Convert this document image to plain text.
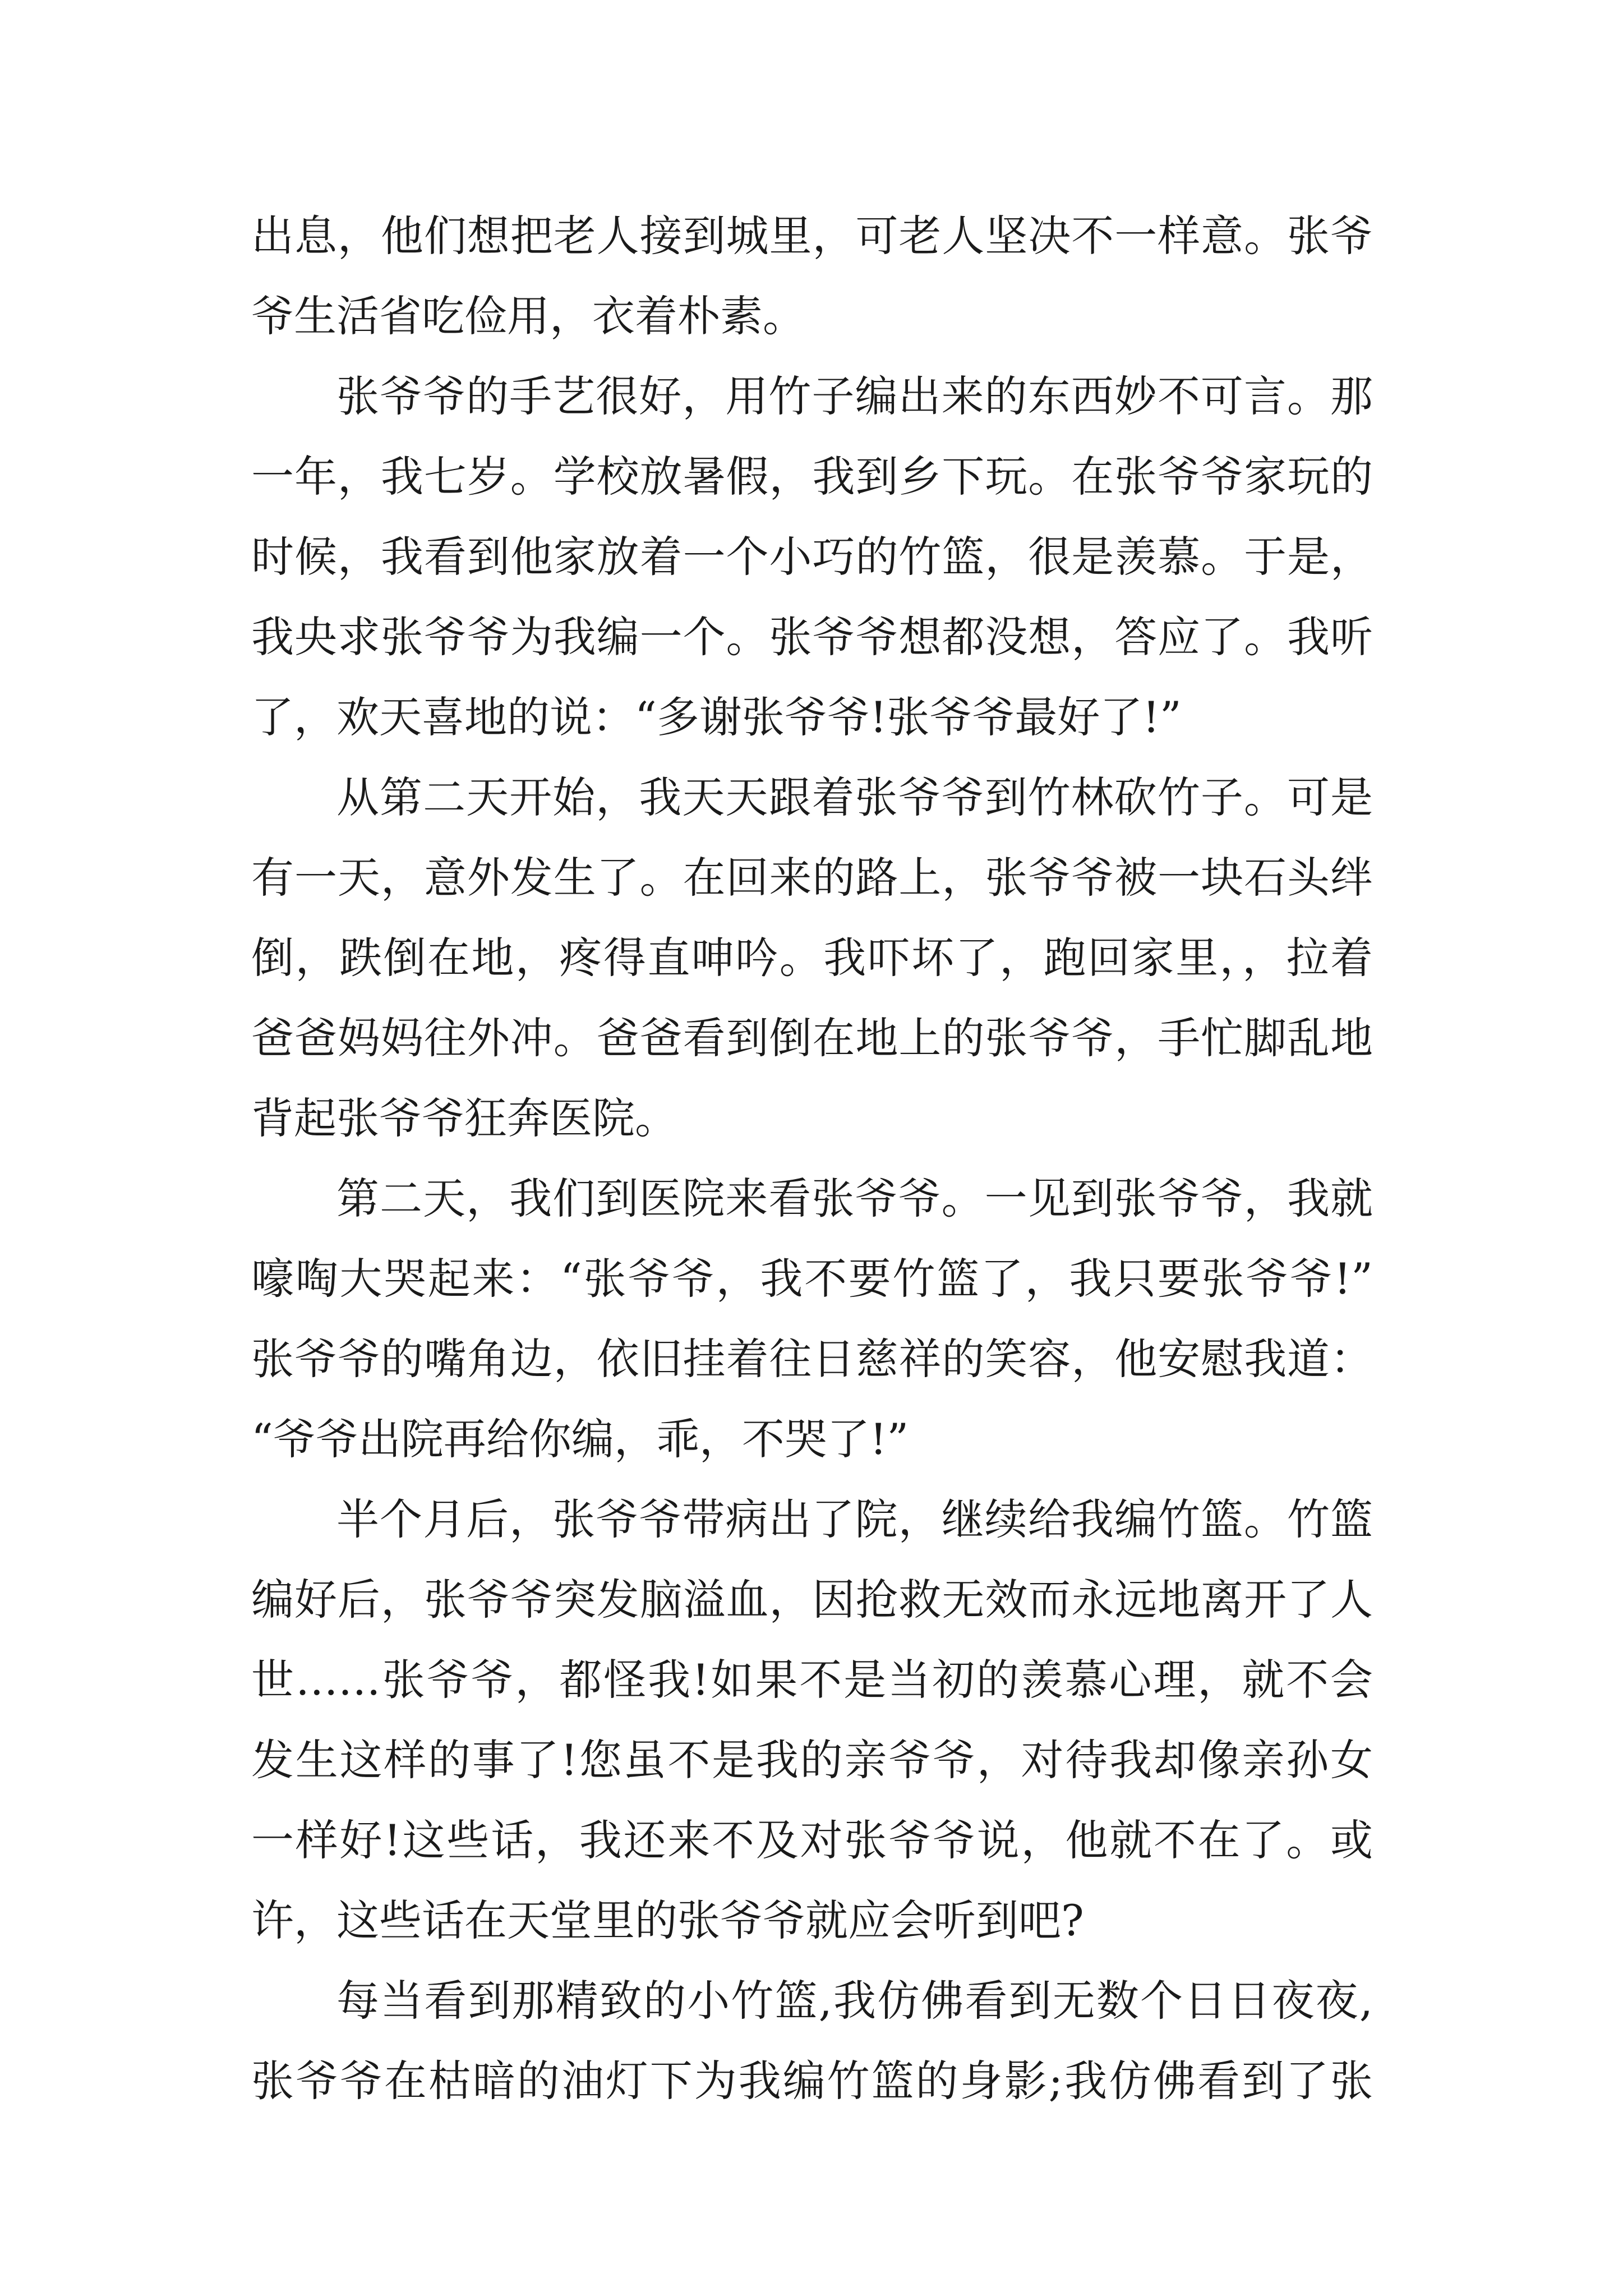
出息，他们想把老人接到城里，可老人坚决不一样意。张爷
爷生活省吃俭用，衣着朴素。
张爷爷的手艺很好，用竹子编出来的东西妙不可言。那
一年，我七岁。学校放暑假，我到乡下玩。在张爷爷家玩的
时候，我看到他家放着一个小巧的竹篮，很是羡慕。于是，
我央求张爷爷为我编一个。张爷爷想都没想，答应了。我听
了，欢天喜地的说：“多谢张爷爷!张爷爷最好了!”
从第二天开始，我天天跟着张爷爷到竹林砍竹子。可是
有一天，意外发生了。在回来的路上，张爷爷被一块石头绊
倒，跌倒在地，疼得直呻吟。我吓坏了，跑回家里，，拉着
爸爸妈妈往外冲。爸爸看到倒在地上的张爷爷，手忙脚乱地
背起张爷爷狂奔医院。
第二天，我们到医院来看张爷爷。一见到张爷爷，我就
嚎啕大哭起来：“张爷爷，我不要竹篮了，我只要张爷爷!”
张爷爷的嘴角边，依旧挂着往日慈祥的笑容，他安慰我道：
“爷爷出院再给你编，乖，不哭了!”
半个月后，张爷爷带病出了院，继续给我编竹篮。竹篮
编好后，张爷爷突发脑溢血，因抢救无效而永远地离开了人
世……张爷爷，都怪我!如果不是当初的羡慕心理，就不会
发生这样的事了!您虽不是我的亲爷爷，对待我却像亲孙女
一样好!这些话，我还来不及对张爷爷说，他就不在了。或
许，这些话在天堂里的张爷爷就应会听到吧?
每当看到那精致的小竹篮,我仿佛看到无数个日日夜夜,
张爷爷在枯暗的油灯下为我编竹篮的身影;我仿佛看到了张
